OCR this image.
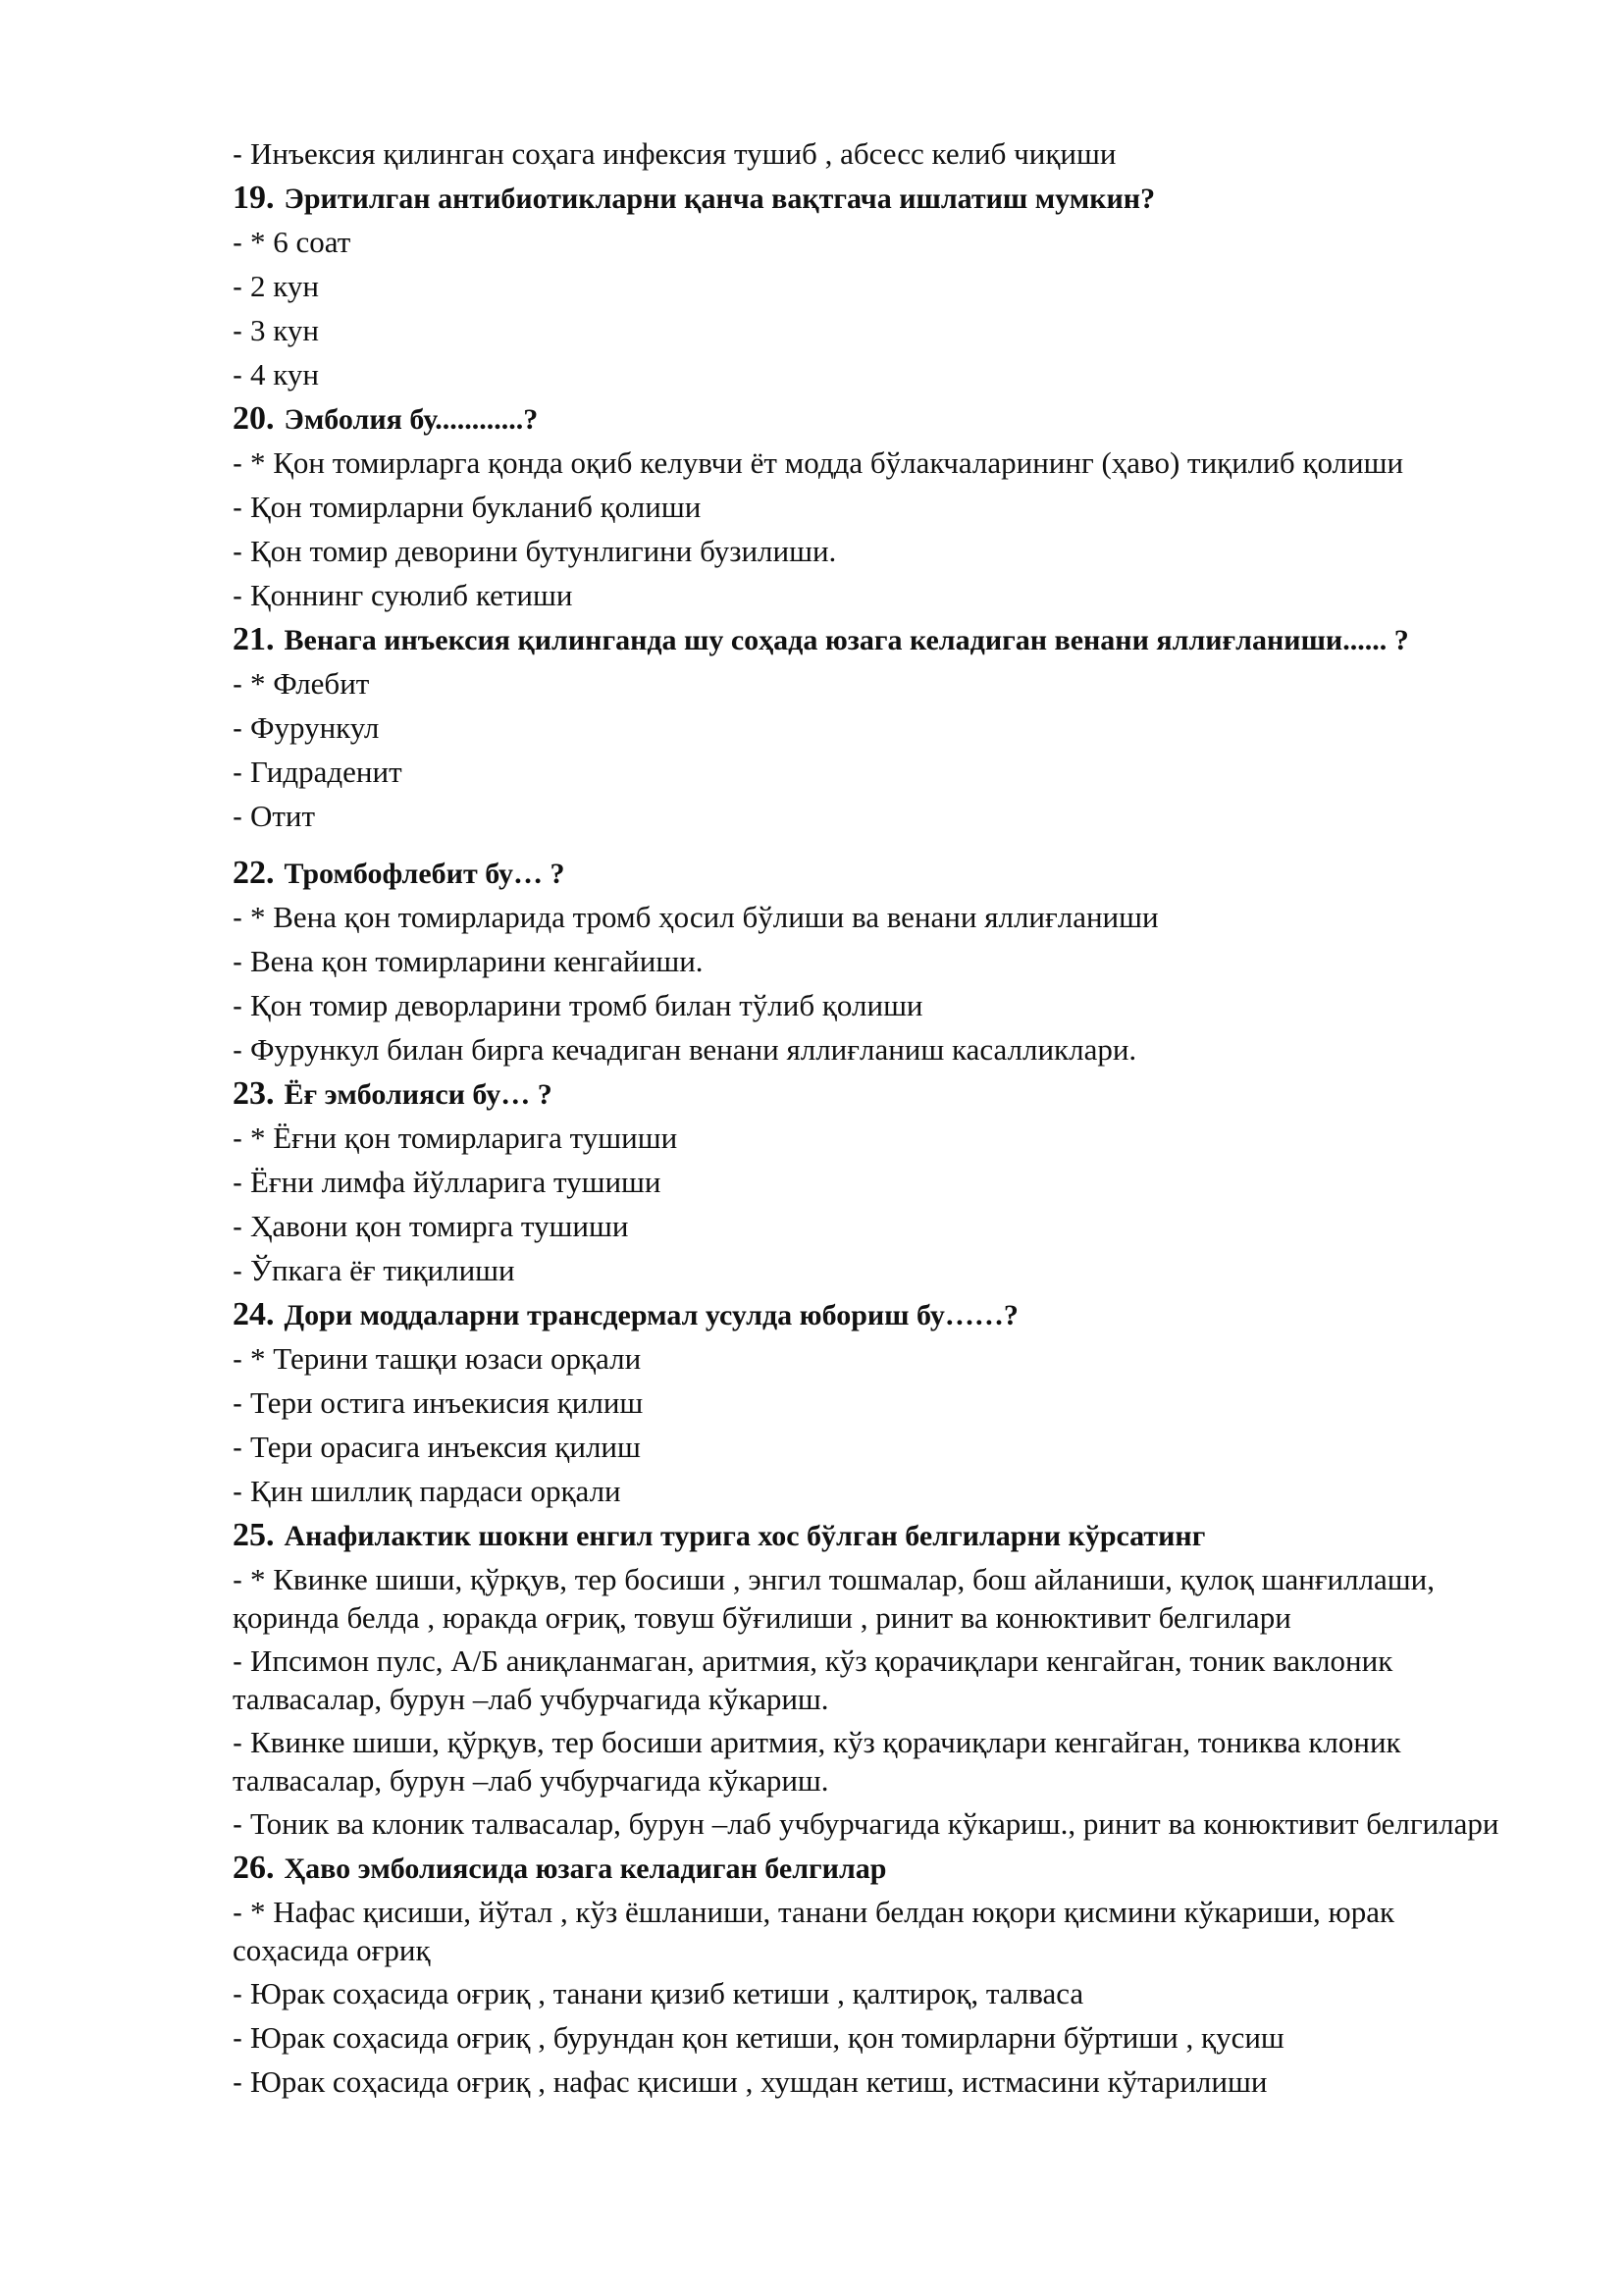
- Инъексия қилинган соҳага инфексия тушиб , абсесс келиб чиқиши

19. Эритилган антибиотикларни қанча вақтгача ишлатиш мумкин?

- * 6 соат

- 2 кун

- 3 кун

- 4 кун

20. Эмболия бу............?

- * Қон томирларга қонда оқиб келувчи ёт модда бўлакчаларининг (ҳаво) тиқилиб қолиши

- Қон томирларни букланиб қолиши

- Қон томир деворини бутунлигини бузилиши.

- Қоннинг суюлиб кетиши

21. Венага инъексия қилинганда шу соҳада юзага келадиган венани яллиғланиши...... ?

- * Флебит

- Фурункул

- Гидраденит

- Отит

22. Тромбофлебит бу… ?

- * Вена қон томирларида тромб ҳосил бўлиши ва венани яллиғланиши

- Вена қон томирларини кенгайиши.

- Қон томир деворларини тромб билан тўлиб қолиши

- Фурункул билан бирга кечадиган венани яллиғланиш касалликлари.

23. Ёғ эмболияси бу… ?

- * Ёғни қон томирларига тушиши

- Ёғни лимфа йўлларига тушиши

- Ҳавони қон томирга тушиши

- Ўпкага ёғ тиқилиши

24. Дори моддаларни трансдермал усулда юбориш бу……?

- * Терини ташқи юзаси орқали

- Тери остига инъекисия қилиш

- Тери орасига инъексия қилиш

- Қин шиллиқ пардаси орқали

25. Анафилактик шокни енгил турига хос бўлган белгиларни кўрсатинг

- * Квинке шиши, қўрқув, тер босиши , энгил тошмалар, бош айланиши, қулоқ шанғиллаши, қоринда белда , юракда оғриқ, товуш бўғилиши , ринит ва конюктивит белгилари

- Ипсимон пулс, А/Б аниқланмаган, аритмия, кўз қорачиқлари кенгайган, тоник ваклоник талвасалар, бурун –лаб учбурчагида кўкариш.

- Квинке шиши, қўрқув, тер босиши аритмия, кўз қорачиқлари кенгайган, тониква клоник талвасалар, бурун –лаб учбурчагида кўкариш.

- Тоник ва клоник талвасалар, бурун –лаб учбурчагида кўкариш., ринит ва конюктивит белгилари

26. Ҳаво эмболиясида юзага келадиган белгилар

- * Нафас қисиши, йўтал , кўз ёшланиши, танани белдан юқори қисмини кўкариши, юрак соҳасида оғриқ

- Юрак соҳасида оғриқ , танани қизиб кетиши , қалтироқ, талваса

- Юрак соҳасида оғриқ , бурундан қон кетиши, қон томирларни бўртиши , қусиш

- Юрак соҳасида оғриқ , нафас қисиши , хушдан кетиш, истмасини кўтарилиши
